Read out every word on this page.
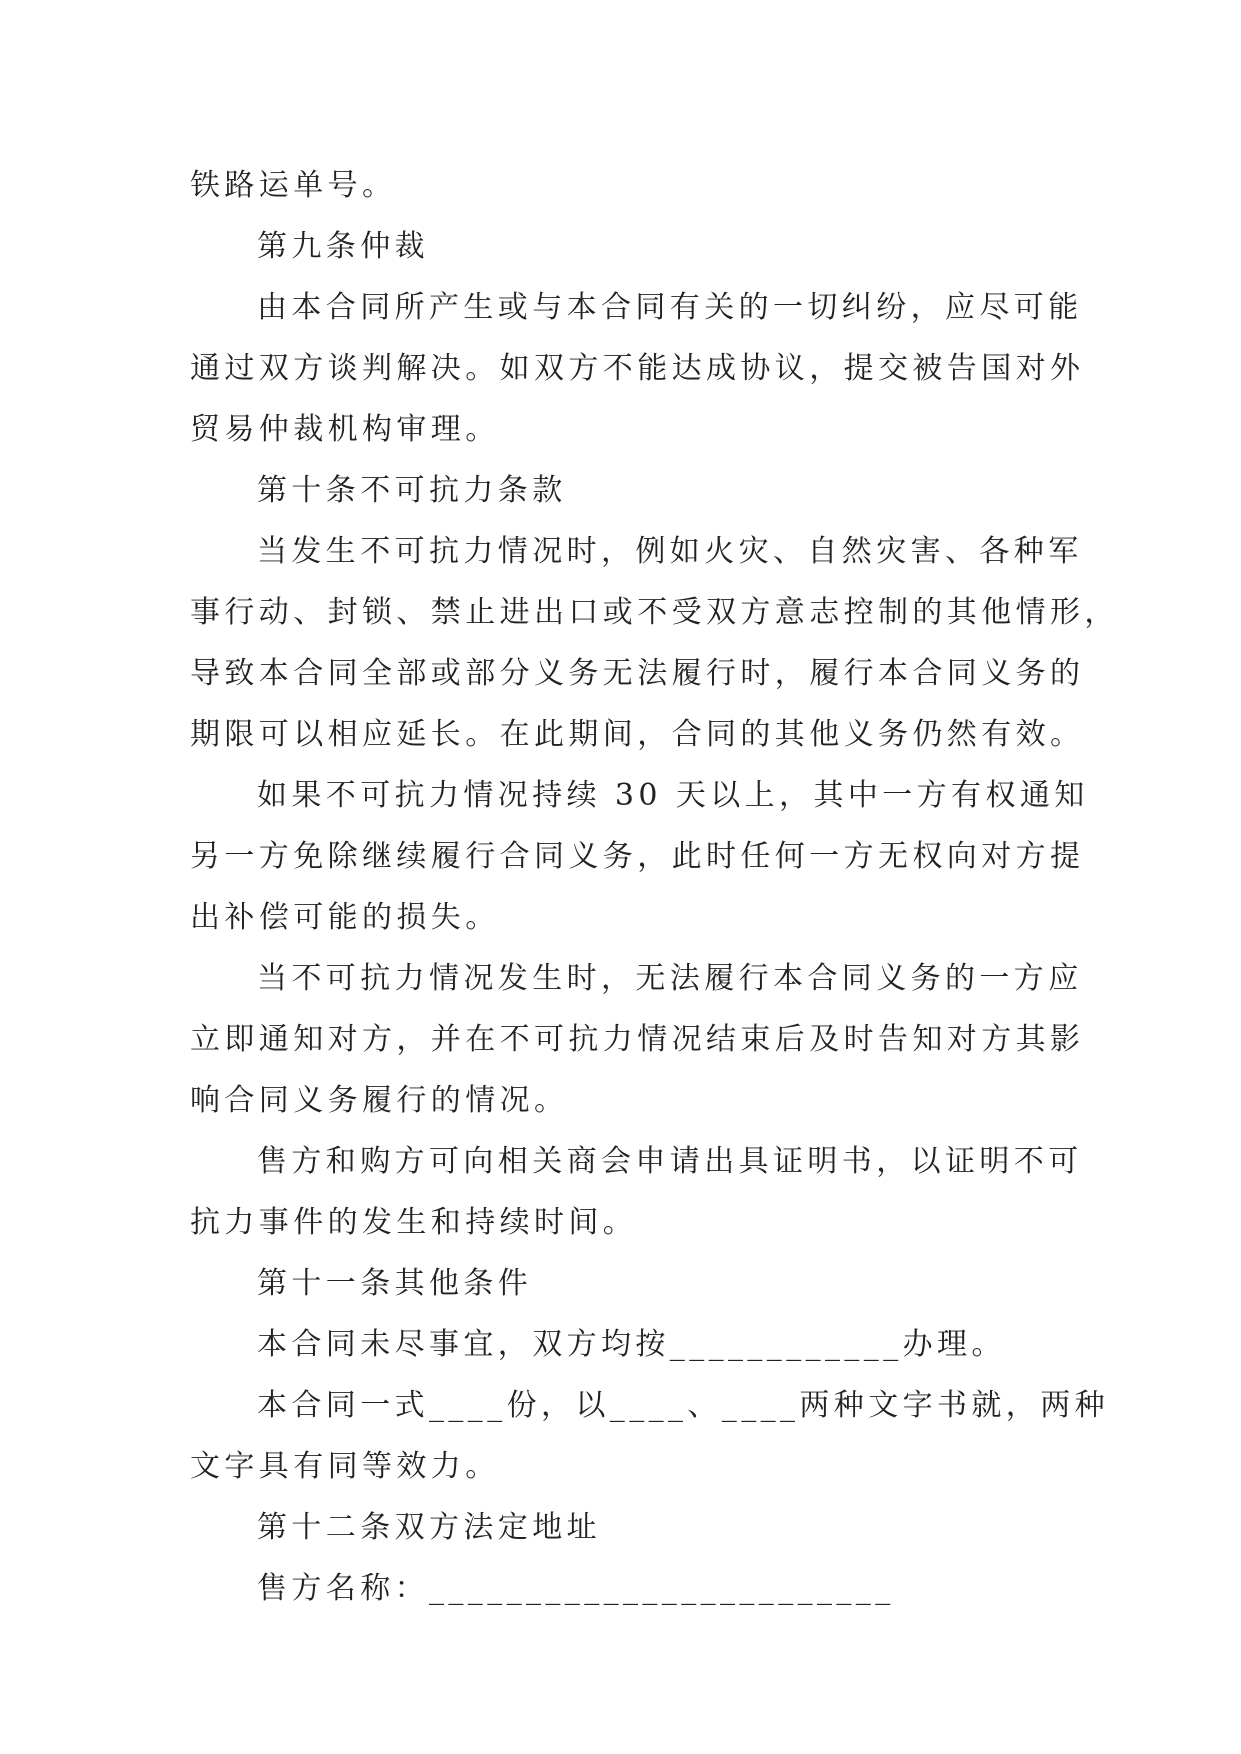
铁路运单号。
第九条仲裁
由本合同所产生或与本合同有关的一切纠纷，应尽可能
通过双方谈判解决。如双方不能达成协议，提交被告国对外
贸易仲裁机构审理。
第十条不可抗力条款
当发生不可抗力情况时，例如火灾、自然灾害、各种军
事行动、封锁、禁止进出口或不受双方意志控制的其他情形，
导致本合同全部或部分义务无法履行时，履行本合同义务的
期限可以相应延长。在此期间，合同的其他义务仍然有效。
如果不可抗力情况持续 30 天以上，其中一方有权通知
另一方免除继续履行合同义务，此时任何一方无权向对方提
出补偿可能的损失。
当不可抗力情况发生时，无法履行本合同义务的一方应
立即通知对方，并在不可抗力情况结束后及时告知对方其影
响合同义务履行的情况。
售方和购方可向相关商会申请出具证明书，以证明不可
抗力事件的发生和持续时间。
第十一条其他条件
本合同未尽事宜，双方均按____________办理。
本合同一式____份，以____、____两种文字书就，两种
文字具有同等效力。
第十二条双方法定地址
售方名称：________________________
